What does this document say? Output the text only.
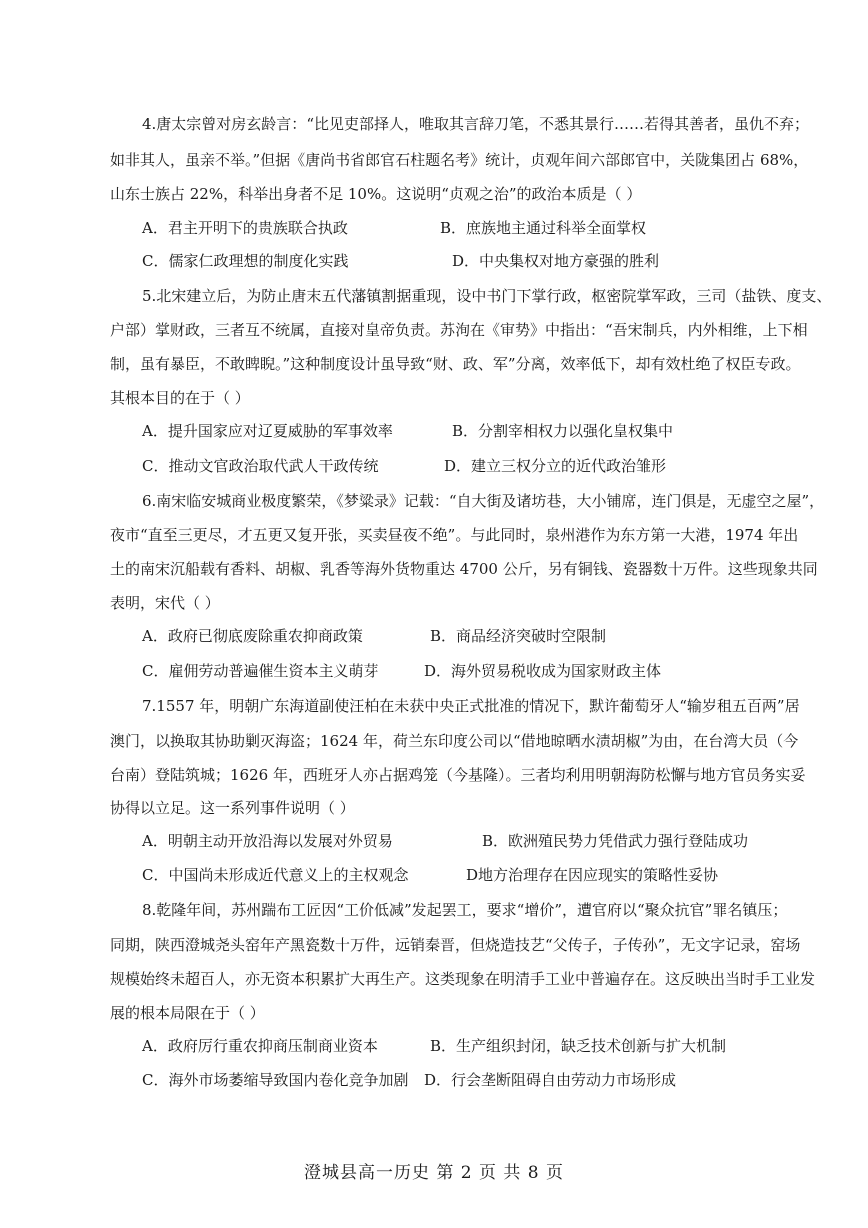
4.唐太宗曾对房玄龄言：“比见吏部择人，唯取其言辞刀笔，不悉其景行……若得其善者，虽仇不弃；
如非其人，虽亲不举。”但据《唐尚书省郎官石柱题名考》统计，贞观年间六部郎官中，关陇集团占 68%，
山东士族占 22%，科举出身者不足 10%。这说明“贞观之治”的政治本质是（ ）
A．君主开明下的贵族联合执政	B．庶族地主通过科举全面掌权
C．儒家仁政理想的制度化实践	D．中央集权对地方豪强的胜利
5.北宋建立后，为防止唐末五代藩镇割据重现，设中书门下掌行政，枢密院掌军政，三司（盐铁、度支、
户部）掌财政，三者互不统属，直接对皇帝负责。苏洵在《审势》中指出：“吾宋制兵，内外相维，上下相
制，虽有暴臣，不敢睥睨。”这种制度设计虽导致“财、政、军”分离，效率低下，却有效杜绝了权臣专政。
其根本目的在于（ ）
A．提升国家应对辽夏威胁的军事效率	B．分割宰相权力以强化皇权集中
C．推动文官政治取代武人干政传统	D．建立三权分立的近代政治雏形
6.南宋临安城商业极度繁荣，《梦粱录》记载：“自大街及诸坊巷，大小铺席，连门俱是，无虚空之屋”，
夜市“直至三更尽，才五更又复开张，买卖昼夜不绝”。与此同时，泉州港作为东方第一大港，1974 年出
土的南宋沉船载有香料、胡椒、乳香等海外货物重达 4700 公斤，另有铜钱、瓷器数十万件。这些现象共同
表明，宋代（ ）
A．政府已彻底废除重农抑商政策	B．商品经济突破时空限制
C．雇佣劳动普遍催生资本主义萌芽	D．海外贸易税收成为国家财政主体
7.1557 年，明朝广东海道副使汪柏在未获中央正式批准的情况下，默许葡萄牙人“输岁租五百两”居
澳门，以换取其协助剿灭海盗；1624 年，荷兰东印度公司以“借地晾晒水渍胡椒”为由，在台湾大员（今
台南）登陆筑城；1626 年，西班牙人亦占据鸡笼（今基隆）。三者均利用明朝海防松懈与地方官员务实妥
协得以立足。这一系列事件说明（ ）
A．明朝主动开放沿海以发展对外贸易	B．欧洲殖民势力凭借武力强行登陆成功
C．中国尚未形成近代意义上的主权观念	D地方治理存在因应现实的策略性妥协
8.乾隆年间，苏州踹布工匠因“工价低减”发起罢工，要求“增价”，遭官府以“聚众抗官”罪名镇压；
同期，陕西澄城尧头窑年产黑瓷数十万件，远销秦晋，但烧造技艺“父传子，子传孙”，无文字记录，窑场
规模始终未超百人，亦无资本积累扩大再生产。这类现象在明清手工业中普遍存在。这反映出当时手工业发
展的根本局限在于（ ）
A．政府厉行重农抑商压制商业资本	B．生产组织封闭，缺乏技术创新与扩大机制
C．海外市场萎缩导致国内卷化竞争加剧 D．行会垄断阻碍自由劳动力市场形成
澄城县高一历史 第 2 页 共 8 页
